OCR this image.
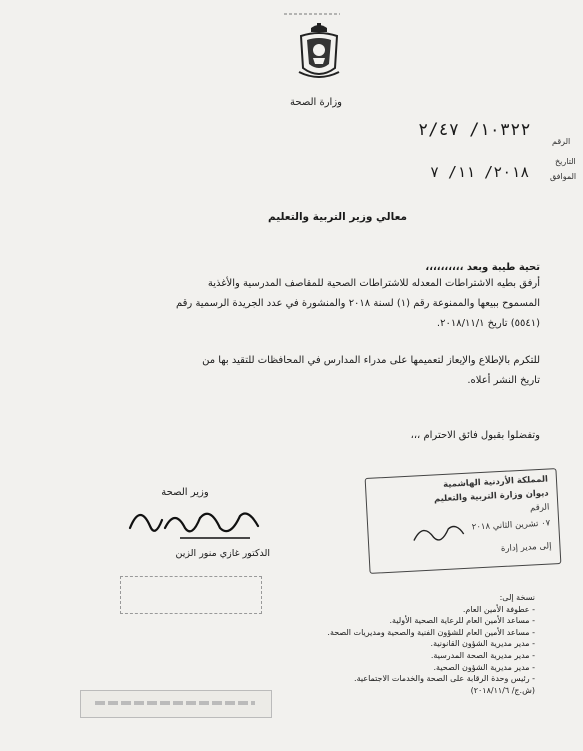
وزارة الصحة
١٠٣٢٢/ ٢/٤٧
الرقم
التاريخ
٢٠١٨/ ١١/ ٧	الموافق
معالي وزير التربية والتعليم
تحية طيبة وبعد ،،،،،،،،،،
أرفق بطيه الاشتراطات المعدله للاشتراطات الصحية للمقاصف المدرسية والأغذية
المسموح ببيعها والممنوعة رقم (١) لسنة ٢٠١٨ والمنشورة في عدد الجريدة الرسمية رقم
(٥٥٤١) تاريخ ٢٠١٨/١١/١.
للتكرم بالإطلاع والإيعاز لتعميمها على مدراء المدارس في المحافظات للتقيد بها من
تاريخ النشر أعلاه.
وتفضلوا بقبول فائق الاحترام ،،،
وزير الصحة
الدكتور غازي منور الزين
المملكة الأردنية الهاشمية
ديوان وزارة التربية والتعليم
الرقم
٠٧ تشرين الثاني ٢٠١٨
إلى مدير إدارة
نسخة إلى:
- عطوفة الأمين العام.
- مساعد الأمين العام للرعاية الصحية الأولية.
- مساعد الأمين العام للشؤون الفنية والصحية ومديريات الصحة.
- مدير مديرية الشؤون القانونية.
- مدير مديرية الصحة المدرسية.
- مدير مديرية الشؤون الصحية.
- رئيس وحدة الرقابة على الصحة والخدمات الاجتماعية.
(ش.ج/ ٢٠١٨/١١/٦)
